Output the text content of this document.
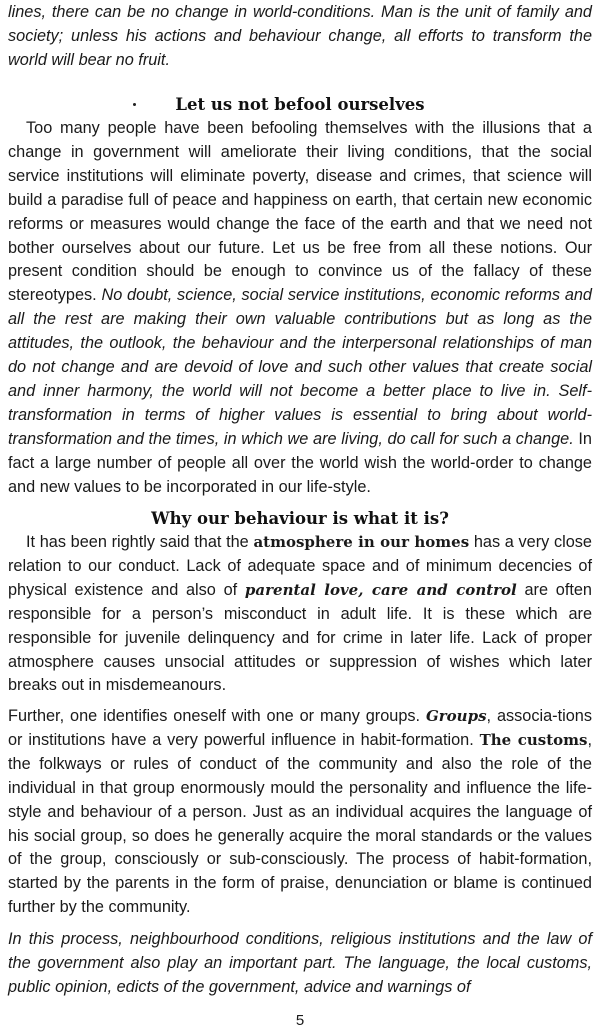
lines, there can be no change in world-conditions. Man is the unit of family and society; unless his actions and behaviour change, all efforts to transform the world will bear no fruit.

Let us not befool ourselves

Too many people have been befooling themselves with the illusions that a change in government will ameliorate their living conditions, that the social service institutions will eliminate poverty, disease and crimes, that science will build a paradise full of peace and happiness on earth, that certain new economic reforms or measures would change the face of the earth and that we need not bother ourselves about our future. Let us be free from all these notions. Our present condition should be enough to convince us of the fallacy of these stereotypes. No doubt, science, social service institutions, economic reforms and all the rest are making their own valuable contributions but as long as the attitudes, the outlook, the behaviour and the interpersonal relationships of man do not change and are devoid of love and such other values that create social and inner harmony, the world will not become a better place to live in. Self-transformation in terms of higher values is essential to bring about world-transformation and the times, in which we are living, do call for such a change. In fact a large number of people all over the world wish the world-order to change and new values to be incorporated in our life-style.

Why our behaviour is what it is?

It has been rightly said that the atmosphere in our homes has a very close relation to our conduct. Lack of adequate space and of minimum decencies of physical existence and also of parental love, care and control are often responsible for a person’s misconduct in adult life. It is these which are responsible for juvenile delinquency and for crime in later life. Lack of proper atmosphere causes unsocial attitudes or suppression of wishes which later breaks out in misdemeanours.

Further, one identifies oneself with one or many groups. Groups, associa-tions or institutions have a very powerful influence in habit-formation. The customs, the folkways or rules of conduct of the community and also the role of the individual in that group enormously mould the personality and influence the life-style and behaviour of a person. Just as an individual acquires the language of his social group, so does he generally acquire the moral standards or the values of the group, consciously or sub-consciously. The process of habit-formation, started by the parents in the form of praise, denunciation or blame is continued further by the community.

In this process, neighbourhood conditions, religious institutions and the law of the government also play an important part. The language, the local customs, public opinion, edicts of the government, advice and warnings of

5
